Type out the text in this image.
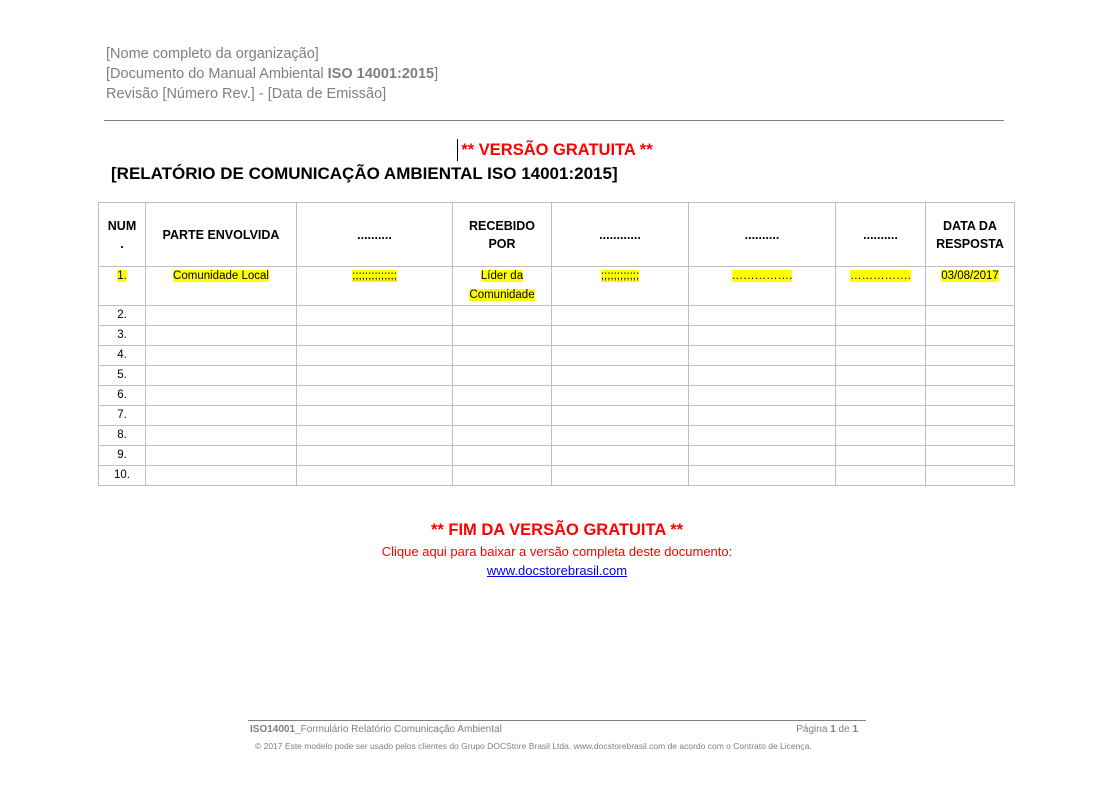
[Nome completo da organização]
[Documento do Manual Ambiental ISO 14001:2015]
Revisão [Número Rev.] - [Data de Emissão]
** VERSÃO GRATUITA **
[RELATÓRIO DE COMUNICAÇÃO AMBIENTAL ISO 14001:2015]
NUM .	PARTE ENVOLVIDA	..........	RECEBIDO POR	............	..........	..........	DATA DA RESPOSTA
1.	Comunidade Local	;;;;;;;;;;;;;;	Líder da Comunidade	;;;;;;;;;;;;	…………….	…………….	03/08/2017
2.							
3.							
4.							
5.							
6.							
7.							
8.							
9.							
10.							
** FIM DA VERSÃO GRATUITA **
Clique aqui para baixar a versão completa deste documento:
www.docstorebrasil.com
ISO14001_Formulário Relatório Comunicação Ambiental	Página 1 de 1
© 2017 Este modelo pode ser usado pelos clientes do Grupo DOCStore Brasil Ltda. www.docstorebrasil.com de acordo com o Contrato de Licença.
